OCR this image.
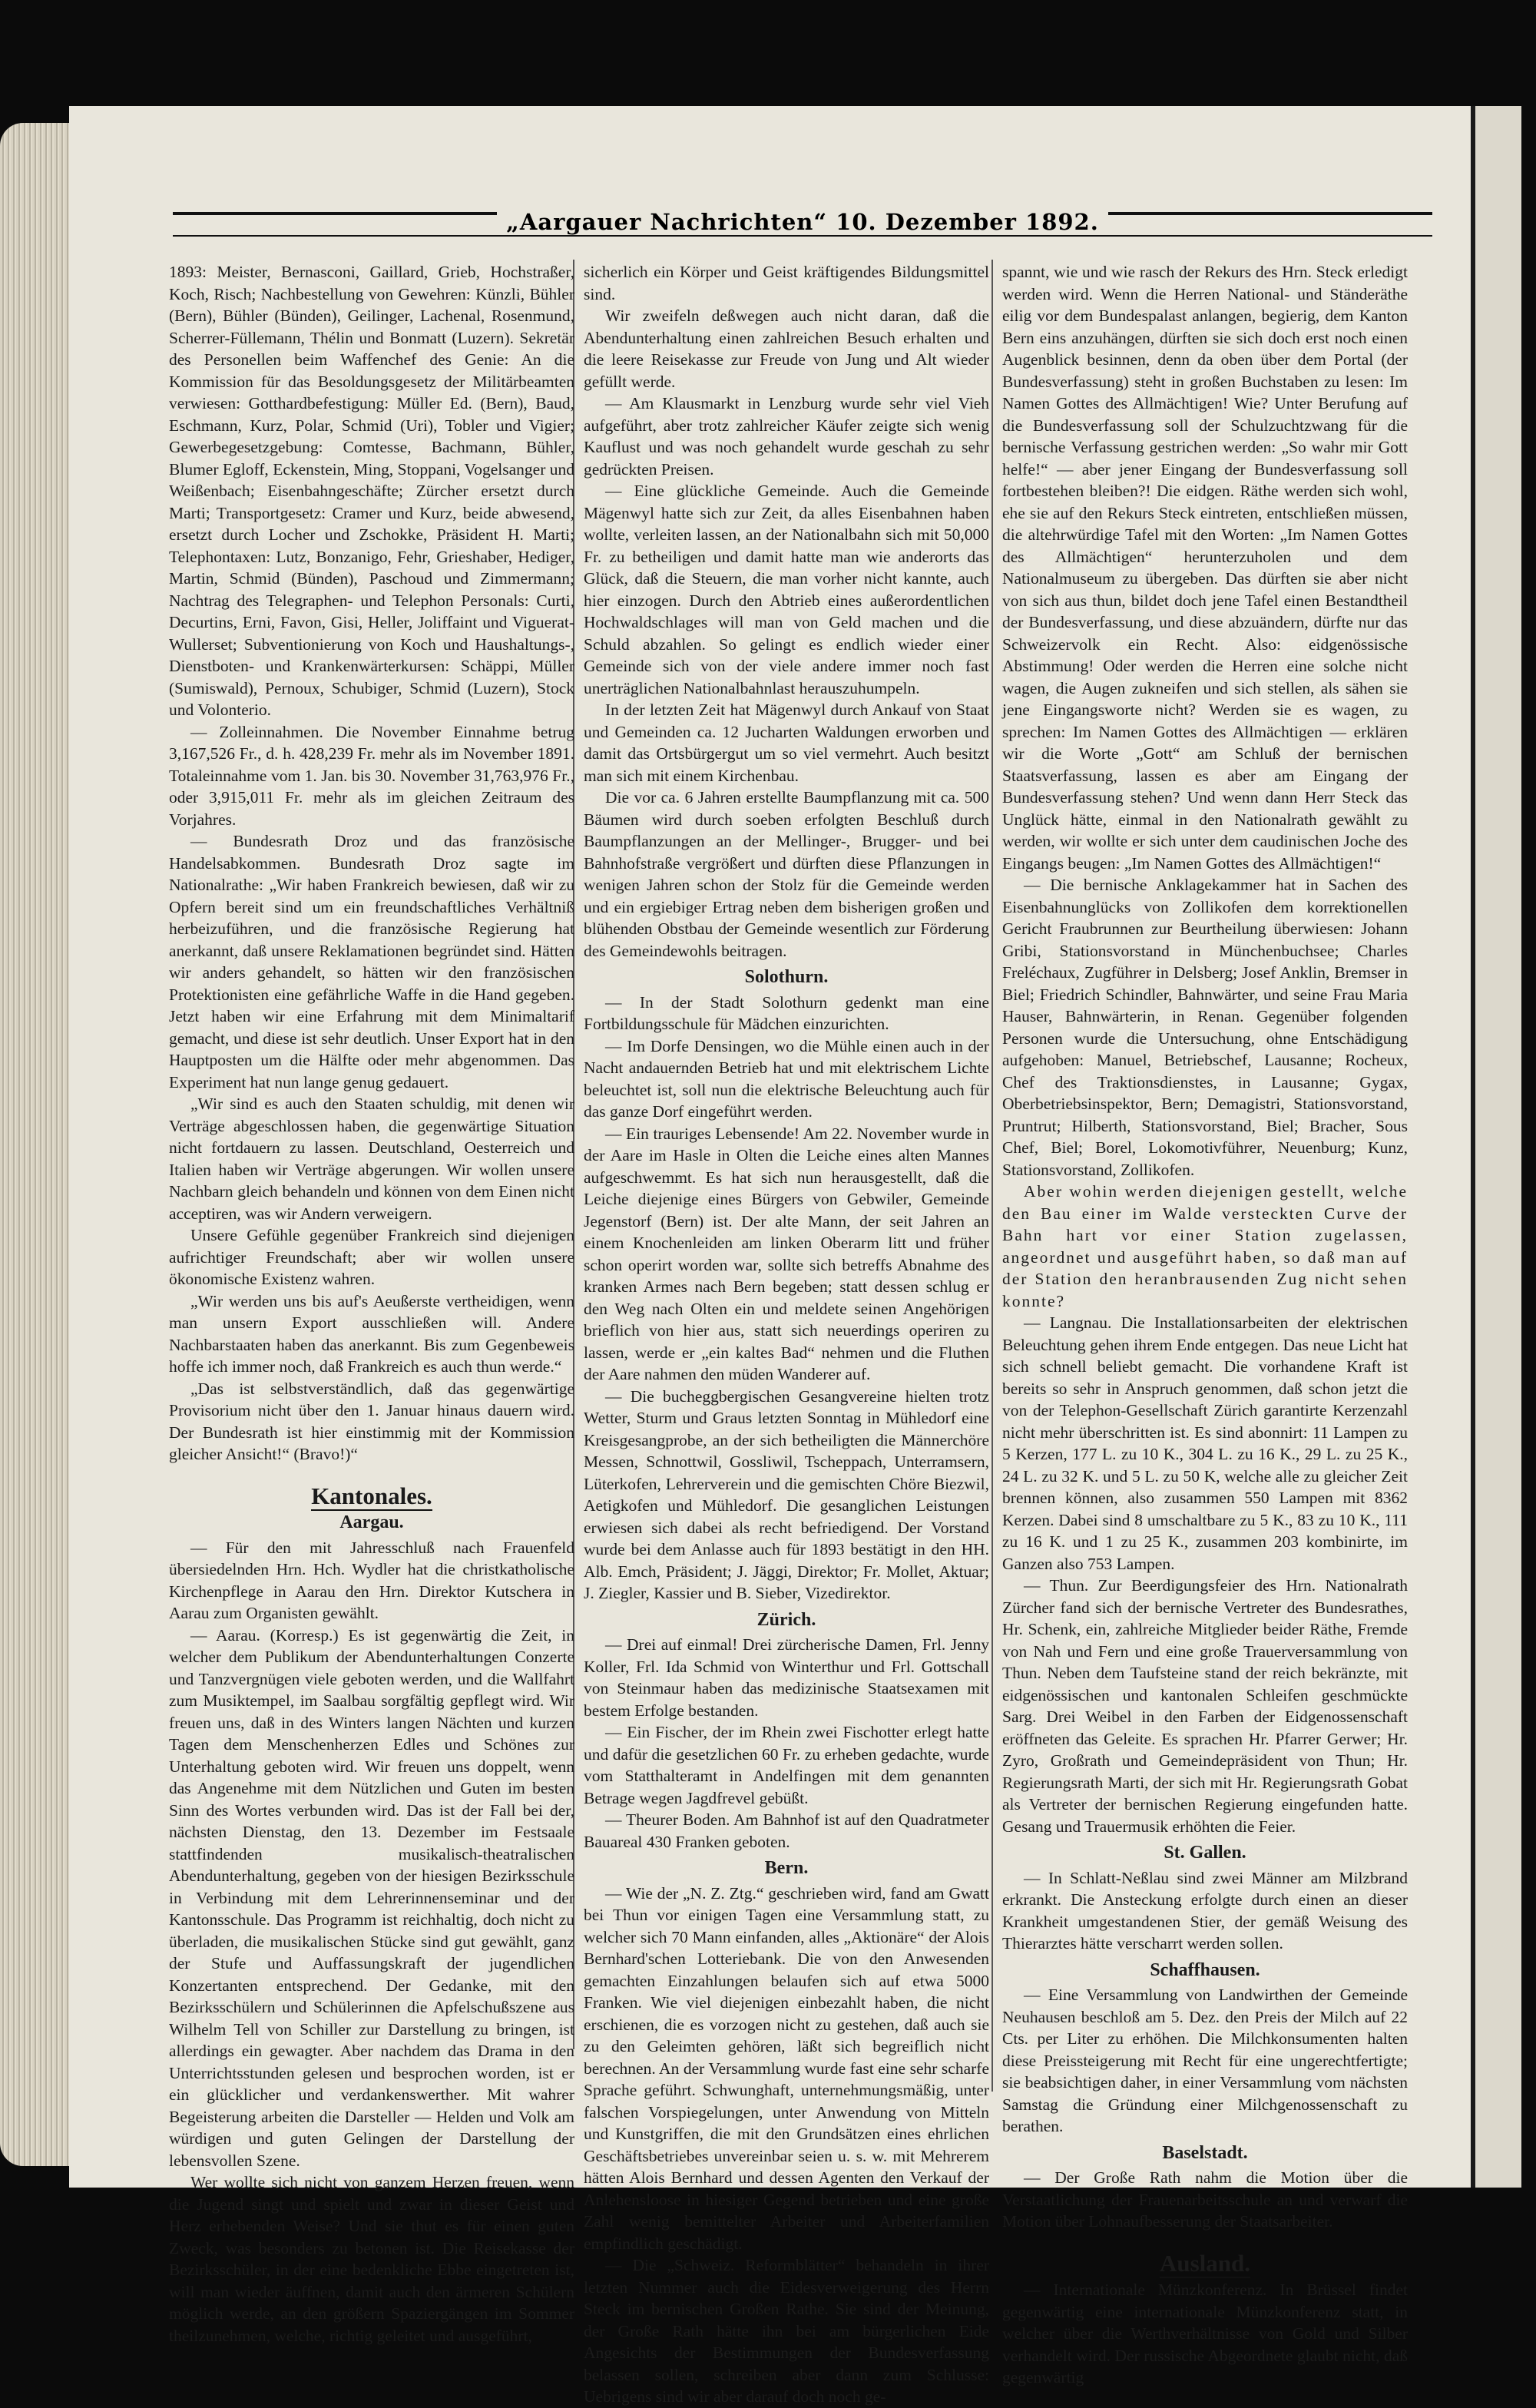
„Aargauer Nachrichten“ 10. Dezember 1892.

1893: Meister, Bernasconi, Gaillard, Grieb, Hochstraßer, Koch, Risch; Nachbestellung von Gewehren: Künzli, Bühler (Bern), Bühler (Bünden), Geilinger, Lachenal, Rosenmund, Scherrer-Füllemann, Thélin und Bonmatt (Luzern). Sekretär des Personellen beim Waffenchef des Genie: An die Kommission für das Besoldungsgesetz der Militärbeamten verwiesen: Gotthardbefestigung: Müller Ed. (Bern), Baud, Eschmann, Kurz, Polar, Schmid (Uri), Tobler und Vigier; Gewerbegesetzgebung: Comtesse, Bachmann, Bühler, Blumer Egloff, Eckenstein, Ming, Stoppani, Vogelsanger und Weißenbach; Eisenbahngeschäfte; Zürcher ersetzt durch Marti; Transportgesetz: Cramer und Kurz, beide abwesend, ersetzt durch Locher und Zschokke, Präsident H. Marti; Telephontaxen: Lutz, Bonzanigo, Fehr, Grieshaber, Hediger, Martin, Schmid (Bünden), Paschoud und Zimmermann; Nachtrag des Telegraphen- und Telephon Personals: Curti, Decurtins, Erni, Favon, Gisi, Heller, Joliffaint und Viguerat-Wullerset; Subventionierung von Koch und Haushaltungs-, Dienstboten- und Krankenwärterkursen: Schäppi, Müller (Sumiswald), Pernoux, Schubiger, Schmid (Luzern), Stock und Volonterio.

— Zolleinnahmen. Die November Einnahme betrug 3,167,526 Fr., d. h. 428,239 Fr. mehr als im November 1891. Totaleinnahme vom 1. Jan. bis 30. November 31,763,976 Fr., oder 3,915,011 Fr. mehr als im gleichen Zeitraum des Vorjahres.

— Bundesrath Droz und das französische Handelsabkommen. Bundesrath Droz sagte im Nationalrathe: „Wir haben Frankreich bewiesen, daß wir zu Opfern bereit sind um ein freundschaftliches Verhältniß herbeizuführen, und die französische Regierung hat anerkannt, daß unsere Reklamationen begründet sind. Hätten wir anders gehandelt, so hätten wir den französischen Protektionisten eine gefährliche Waffe in die Hand gegeben. Jetzt haben wir eine Erfahrung mit dem Minimaltarif gemacht, und diese ist sehr deutlich. Unser Export hat in den Hauptposten um die Hälfte oder mehr abgenommen. Das Experiment hat nun lange genug gedauert.

„Wir sind es auch den Staaten schuldig, mit denen wir Verträge abgeschlossen haben, die gegenwärtige Situation nicht fortdauern zu lassen. Deutschland, Oesterreich und Italien haben wir Verträge abgerungen. Wir wollen unsere Nachbarn gleich behandeln und können von dem Einen nicht acceptiren, was wir Andern verweigern.

Unsere Gefühle gegenüber Frankreich sind diejenigen aufrichtiger Freundschaft; aber wir wollen unsere ökonomische Existenz wahren.

„Wir werden uns bis auf's Aeußerste vertheidigen, wenn man unsern Export ausschließen will. Andere Nachbarstaaten haben das anerkannt. Bis zum Gegenbeweis hoffe ich immer noch, daß Frankreich es auch thun werde.“

„Das ist selbstverständlich, daß das gegenwärtige Provisorium nicht über den 1. Januar hinaus dauern wird. Der Bundesrath ist hier einstimmig mit der Kommission gleicher Ansicht!“ (Bravo!)“

Kantonales.
Aargau.

— Für den mit Jahresschluß nach Frauenfeld übersiedelnden Hrn. Hch. Wydler hat die christkatholische Kirchenpflege in Aarau den Hrn. Direktor Kutschera in Aarau zum Organisten gewählt.

— Aarau. (Korresp.) Es ist gegenwärtig die Zeit, in welcher dem Publikum der Abendunterhaltungen Conzerte und Tanzvergnügen viele geboten werden, und die Wallfahrt zum Musiktempel, im Saalbau sorgfältig gepflegt wird. Wir freuen uns, daß in des Winters langen Nächten und kurzen Tagen dem Menschenherzen Edles und Schönes zur Unterhaltung geboten wird. Wir freuen uns doppelt, wenn das Angenehme mit dem Nützlichen und Guten im besten Sinn des Wortes verbunden wird. Das ist der Fall bei der, nächsten Dienstag, den 13. Dezember im Festsaale stattfindenden musikalisch-theatralischen Abendunterhaltung, gegeben von der hiesigen Bezirksschule in Verbindung mit dem Lehrerinnenseminar und der Kantonsschule. Das Programm ist reichhaltig, doch nicht zu überladen, die musikalischen Stücke sind gut gewählt, ganz der Stufe und Auffassungskraft der jugendlichen Konzertanten entsprechend. Der Gedanke, mit den Bezirksschülern und Schülerinnen die Apfelschußszene aus Wilhelm Tell von Schiller zur Darstellung zu bringen, ist allerdings ein gewagter. Aber nachdem das Drama in den Unterrichtsstunden gelesen und besprochen worden, ist er ein glücklicher und verdankenswerther. Mit wahrer Begeisterung arbeiten die Darsteller — Helden und Volk am würdigen und guten Gelingen der Darstellung der lebensvollen Szene.

Wer wollte sich nicht von ganzem Herzen freuen, wenn die Jugend singt und spielt und zwar in dieser Geist und Herz erhebenden Weise? Und sie thut es für einen guten Zweck, was besonders zu betonen ist. Die Reisekasse der Bezirksschüler, in der eine bedenkliche Ebbe eingetreten ist, will man wieder äuffnen, damit auch den ärmeren Schülern möglich werde, an den größern Spaziergängen im Sommer theilzunehmen, welche, richtig geleitet und ausgeführt,

sicherlich ein Körper und Geist kräftigendes Bildungsmittel sind.

Wir zweifeln deßwegen auch nicht daran, daß die Abendunterhaltung einen zahlreichen Besuch erhalten und die leere Reisekasse zur Freude von Jung und Alt wieder gefüllt werde.

— Am Klausmarkt in Lenzburg wurde sehr viel Vieh aufgeführt, aber trotz zahlreicher Käufer zeigte sich wenig Kauflust und was noch gehandelt wurde geschah zu sehr gedrückten Preisen.

— Eine glückliche Gemeinde. Auch die Gemeinde Mägenwyl hatte sich zur Zeit, da alles Eisenbahnen haben wollte, verleiten lassen, an der Nationalbahn sich mit 50,000 Fr. zu betheiligen und damit hatte man wie anderorts das Glück, daß die Steuern, die man vorher nicht kannte, auch hier einzogen. Durch den Abtrieb eines außerordentlichen Hochwaldschlages will man von Geld machen und die Schuld abzahlen. So gelingt es endlich wieder einer Gemeinde sich von der viele andere immer noch fast unerträglichen Nationalbahnlast herauszuhumpeln.

In der letzten Zeit hat Mägenwyl durch Ankauf von Staat und Gemeinden ca. 12 Jucharten Waldungen erworben und damit das Ortsbürgergut um so viel vermehrt. Auch besitzt man sich mit einem Kirchenbau.

Die vor ca. 6 Jahren erstellte Baumpflanzung mit ca. 500 Bäumen wird durch soeben erfolgten Beschluß durch Baumpflanzungen an der Mellinger-, Brugger- und bei Bahnhofstraße vergrößert und dürften diese Pflanzungen in wenigen Jahren schon der Stolz für die Gemeinde werden und ein ergiebiger Ertrag neben dem bisherigen großen und blühenden Obstbau der Gemeinde wesentlich zur Förderung des Gemeindewohls beitragen.

Solothurn.

— In der Stadt Solothurn gedenkt man eine Fortbildungsschule für Mädchen einzurichten.

— Im Dorfe Densingen, wo die Mühle einen auch in der Nacht andauernden Betrieb hat und mit elektrischem Lichte beleuchtet ist, soll nun die elektrische Beleuchtung auch für das ganze Dorf eingeführt werden.

— Ein trauriges Lebensende! Am 22. November wurde in der Aare im Hasle in Olten die Leiche eines alten Mannes aufgeschwemmt. Es hat sich nun herausgestellt, daß die Leiche diejenige eines Bürgers von Gebwiler, Gemeinde Jegenstorf (Bern) ist. Der alte Mann, der seit Jahren an einem Knochenleiden am linken Oberarm litt und früher schon operirt worden war, sollte sich betreffs Abnahme des kranken Armes nach Bern begeben; statt dessen schlug er den Weg nach Olten ein und meldete seinen Angehörigen brieflich von hier aus, statt sich neuerdings operiren zu lassen, werde er „ein kaltes Bad“ nehmen und die Fluthen der Aare nahmen den müden Wanderer auf.

— Die bucheggbergischen Gesangvereine hielten trotz Wetter, Sturm und Graus letzten Sonntag in Mühledorf eine Kreisgesangprobe, an der sich betheiligten die Männerchöre Messen, Schnottwil, Gossliwil, Tscheppach, Unterramsern, Lüterkofen, Lehrerverein und die gemischten Chöre Biezwil, Aetigkofen und Mühledorf. Die gesanglichen Leistungen erwiesen sich dabei als recht befriedigend. Der Vorstand wurde bei dem Anlasse auch für 1893 bestätigt in den HH. Alb. Emch, Präsident; J. Jäggi, Direktor; Fr. Mollet, Aktuar; J. Ziegler, Kassier und B. Sieber, Vizedirektor.

Zürich.

— Drei auf einmal! Drei zürcherische Damen, Frl. Jenny Koller, Frl. Ida Schmid von Winterthur und Frl. Gottschall von Steinmaur haben das medizinische Staatsexamen mit bestem Erfolge bestanden.

— Ein Fischer, der im Rhein zwei Fischotter erlegt hatte und dafür die gesetzlichen 60 Fr. zu erheben gedachte, wurde vom Statthalteramt in Andelfingen mit dem genannten Betrage wegen Jagdfrevel gebüßt.

— Theurer Boden. Am Bahnhof ist auf den Quadratmeter Bauareal 430 Franken geboten.

Bern.

— Wie der „N. Z. Ztg.“ geschrieben wird, fand am Gwatt bei Thun vor einigen Tagen eine Versammlung statt, zu welcher sich 70 Mann einfanden, alles „Aktionäre“ der Alois Bernhard'schen Lotteriebank. Die von den Anwesenden gemachten Einzahlungen belaufen sich auf etwa 5000 Franken. Wie viel diejenigen einbezahlt haben, die nicht erschienen, die es vorzogen nicht zu gestehen, daß auch sie zu den Geleimten gehören, läßt sich begreiflich nicht berechnen. An der Versammlung wurde fast eine sehr scharfe Sprache geführt. Schwunghaft, unternehmungsmäßig, unter falschen Vorspiegelungen, unter Anwendung von Mitteln und Kunstgriffen, die mit den Grundsätzen eines ehrlichen Geschäftsbetriebes unvereinbar seien u. s. w. mit Mehrerem hätten Alois Bernhard und dessen Agenten den Verkauf der Anlehensloose in hiesiger Gegend betrieben und eine große Zahl wenig bemittelter Arbeiter und Arbeiterfamilien empfindlich geschädigt.

— Die „Schweiz. Reformblätter“ behandeln in ihrer letzten Nummer auch die Eidesverweigerung des Herrn Steck im bernischen Großen Rathe. Sie sind der Meinung, der Große Rath hätte ihn bei am bürgerlichen Eide Angesichts der Bestimmungen der Bundesverfassung belassen sollen, schreiben aber dann zum Schlusse: Uebrigens sind wir aber darauf doch noch ge-

spannt, wie und wie rasch der Rekurs des Hrn. Steck erledigt werden wird. Wenn die Herren National- und Ständeräthe eilig vor dem Bundespalast anlangen, begierig, dem Kanton Bern eins anzuhängen, dürften sie sich doch erst noch einen Augenblick besinnen, denn da oben über dem Portal (der Bundesverfassung) steht in großen Buchstaben zu lesen: Im Namen Gottes des Allmächtigen! Wie? Unter Berufung auf die Bundesverfassung soll der Schulzuchtzwang für die bernische Verfassung gestrichen werden: „So wahr mir Gott helfe!“ — aber jener Eingang der Bundesverfassung soll fortbestehen bleiben?! Die eidgen. Räthe werden sich wohl, ehe sie auf den Rekurs Steck eintreten, entschließen müssen, die altehrwürdige Tafel mit den Worten: „Im Namen Gottes des Allmächtigen“ herunterzuholen und dem Nationalmuseum zu übergeben. Das dürften sie aber nicht von sich aus thun, bildet doch jene Tafel einen Bestandtheil der Bundesverfassung, und diese abzuändern, dürfte nur das Schweizervolk ein Recht. Also: eidgenössische Abstimmung! Oder werden die Herren eine solche nicht wagen, die Augen zukneifen und sich stellen, als sähen sie jene Eingangsworte nicht? Werden sie es wagen, zu sprechen: Im Namen Gottes des Allmächtigen — erklären wir die Worte „Gott“ am Schluß der bernischen Staatsverfassung, lassen es aber am Eingang der Bundesverfassung stehen? Und wenn dann Herr Steck das Unglück hätte, einmal in den Nationalrath gewählt zu werden, wir wollte er sich unter dem caudinischen Joche des Eingangs beugen: „Im Namen Gottes des Allmächtigen!“

— Die bernische Anklagekammer hat in Sachen des Eisenbahnunglücks von Zollikofen dem korrektionellen Gericht Fraubrunnen zur Beurtheilung überwiesen: Johann Gribi, Stationsvorstand in Münchenbuchsee; Charles Freléchaux, Zugführer in Delsberg; Josef Anklin, Bremser in Biel; Friedrich Schindler, Bahnwärter, und seine Frau Maria Hauser, Bahnwärterin, in Renan. Gegenüber folgenden Personen wurde die Untersuchung, ohne Entschädigung aufgehoben: Manuel, Betriebschef, Lausanne; Rocheux, Chef des Traktionsdienstes, in Lausanne; Gygax, Oberbetriebsinspektor, Bern; Demagistri, Stationsvorstand, Pruntrut; Hilberth, Stationsvorstand, Biel; Bracher, Sous Chef, Biel; Borel, Lokomotivführer, Neuenburg; Kunz, Stationsvorstand, Zollikofen.

Aber wohin werden diejenigen gestellt, welche den Bau einer im Walde versteckten Curve der Bahn hart vor einer Station zugelassen, angeordnet und ausgeführt haben, so daß man auf der Station den heranbrausenden Zug nicht sehen konnte?

— Langnau. Die Installationsarbeiten der elektrischen Beleuchtung gehen ihrem Ende entgegen. Das neue Licht hat sich schnell beliebt gemacht. Die vorhandene Kraft ist bereits so sehr in Anspruch genommen, daß schon jetzt die von der Telephon-Gesellschaft Zürich garantirte Kerzenzahl nicht mehr überschritten ist. Es sind abonnirt: 11 Lampen zu 5 Kerzen, 177 L. zu 10 K., 304 L. zu 16 K., 29 L. zu 25 K., 24 L. zu 32 K. und 5 L. zu 50 K, welche alle zu gleicher Zeit brennen können, also zusammen 550 Lampen mit 8362 Kerzen. Dabei sind 8 umschaltbare zu 5 K., 83 zu 10 K., 111 zu 16 K. und 1 zu 25 K., zusammen 203 kombinirte, im Ganzen also 753 Lampen.

— Thun. Zur Beerdigungsfeier des Hrn. Nationalrath Zürcher fand sich der bernische Vertreter des Bundesrathes, Hr. Schenk, ein, zahlreiche Mitglieder beider Räthe, Fremde von Nah und Fern und eine große Trauerversammlung von Thun. Neben dem Taufsteine stand der reich bekränzte, mit eidgenössischen und kantonalen Schleifen geschmückte Sarg. Drei Weibel in den Farben der Eidgenossenschaft eröffneten das Geleite. Es sprachen Hr. Pfarrer Gerwer; Hr. Zyro, Großrath und Gemeindepräsident von Thun; Hr. Regierungsrath Marti, der sich mit Hr. Regierungsrath Gobat als Vertreter der bernischen Regierung eingefunden hatte. Gesang und Trauermusik erhöhten die Feier.

St. Gallen.

— In Schlatt-Neßlau sind zwei Männer am Milzbrand erkrankt. Die Ansteckung erfolgte durch einen an dieser Krankheit umgestandenen Stier, der gemäß Weisung des Thierarztes hätte verscharrt werden sollen.

Schaffhausen.

— Eine Versammlung von Landwirthen der Gemeinde Neuhausen beschloß am 5. Dez. den Preis der Milch auf 22 Cts. per Liter zu erhöhen. Die Milchkonsumenten halten diese Preissteigerung mit Recht für eine ungerechtfertigte; sie beabsichtigen daher, in einer Versammlung vom nächsten Samstag die Gründung einer Milchgenossenschaft zu berathen.

Baselstadt.

— Der Große Rath nahm die Motion über die Verstaatlichung der Frauenarbeitsschule an und verwarf die Motion über Lohnaufbesserung der Staatsarbeiter.

Ausland.

— Internationale Münzkonferenz. In Brüssel findet gegenwärtig eine internationale Münzkonferenz statt, in welcher über die Werthverhältnisse von Gold und Silber verhandelt wird. Der russische Abgeordnete glaubt nicht, daß gegenwärtig
